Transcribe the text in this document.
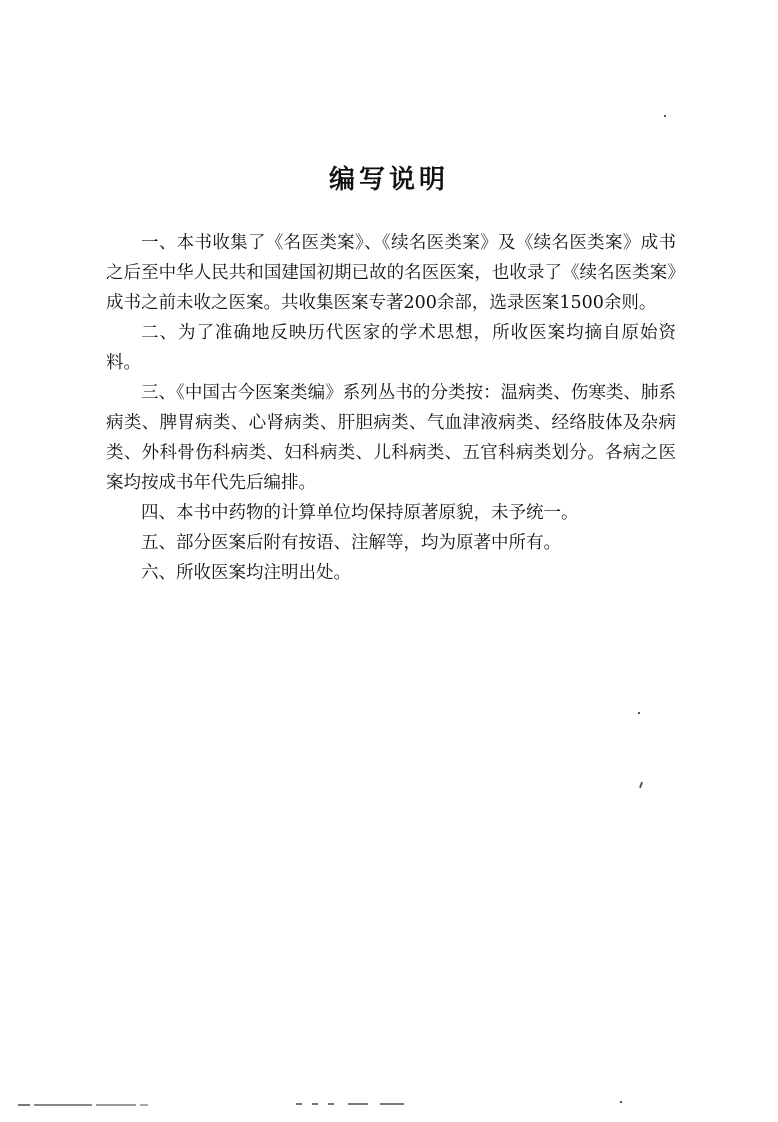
编写说明

一、本书收集了《名医类案》、《续名医类案》及《续名医类案》成书之后至中华人民共和国建国初期已故的名医医案，也收录了《续名医类案》成书之前未收之医案。共收集医案专著200余部，选录医案1500余则。

二、为了准确地反映历代医家的学术思想，所收医案均摘自原始资料。

三、《中国古今医案类编》系列丛书的分类按：温病类、伤寒类、肺系病类、脾胃病类、心肾病类、肝胆病类、气血津液病类、经络肢体及杂病类、外科骨伤科病类、妇科病类、儿科病类、五官科病类划分。各病之医案均按成书年代先后编排。

四、本书中药物的计算单位均保持原著原貌，未予统一。

五、部分医案后附有按语、注解等，均为原著中所有。

六、所收医案均注明出处。
